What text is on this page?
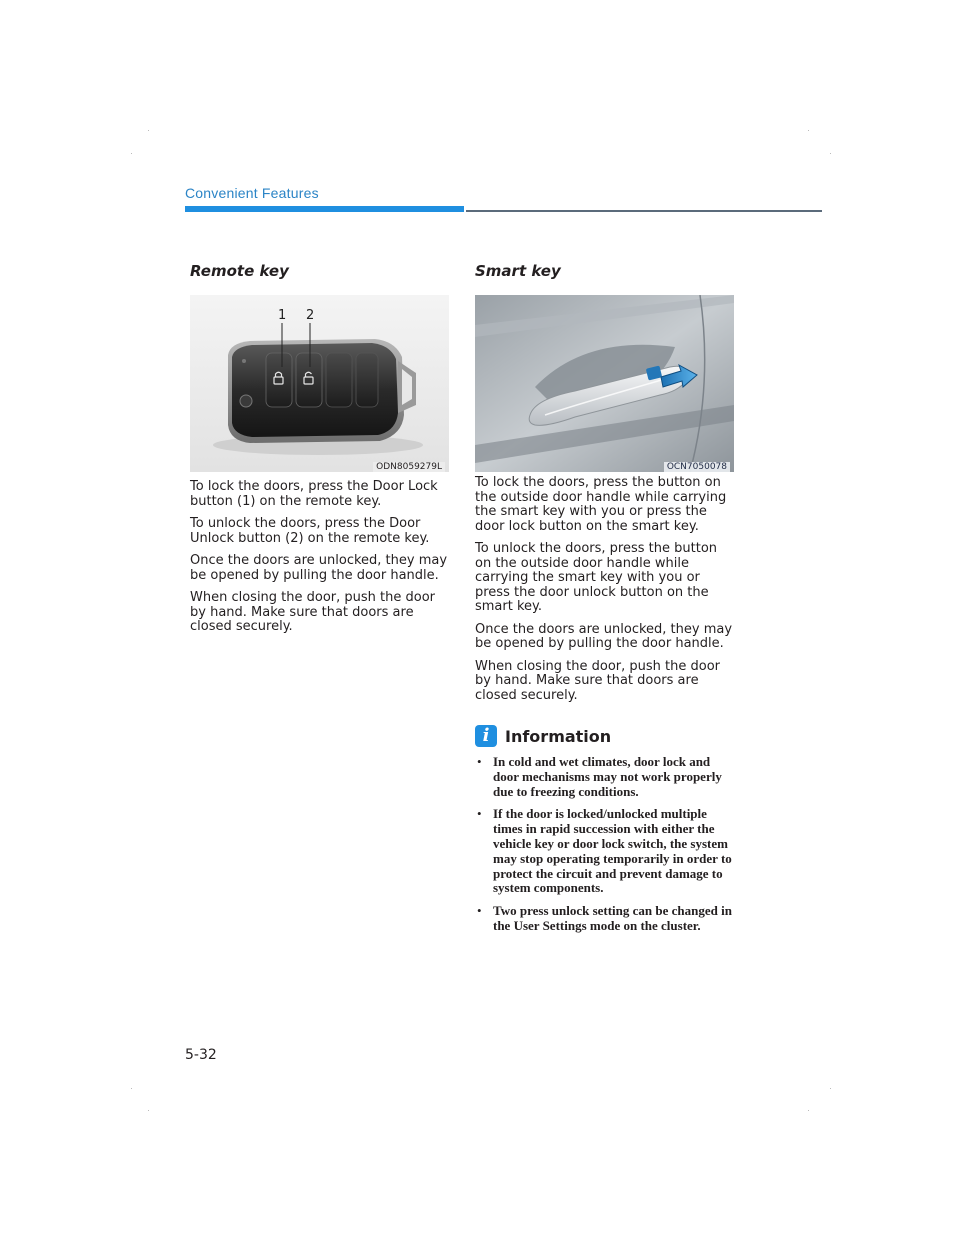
Convenient Features
Remote key
1 2
ODN8059279L

To lock the doors, press the Door Lock button (1) on the remote key.

To unlock the doors, press the Door Unlock button (2) on the remote key.

Once the doors are unlocked, they may be opened by pulling the door handle.

When closing the door, push the door by hand. Make sure that doors are closed securely.

Smart key
OCN7050078

To lock the doors, press the button on the outside door handle while carrying the smart key with you or press the door lock button on the smart key.

To unlock the doors, press the button on the outside door handle while carrying the smart key with you or press the door unlock button on the smart key.

Once the doors are unlocked, they may be opened by pulling the door handle.

When closing the door, push the door by hand. Make sure that doors are closed securely.

i Information
• In cold and wet climates, door lock and door mechanisms may not work properly due to freezing conditions.
• If the door is locked/unlocked multiple times in rapid succession with either the vehicle key or door lock switch, the system may stop operating temporarily in order to protect the circuit and prevent damage to system components.
• Two press unlock setting can be changed in the User Settings mode on the cluster.
5-32
